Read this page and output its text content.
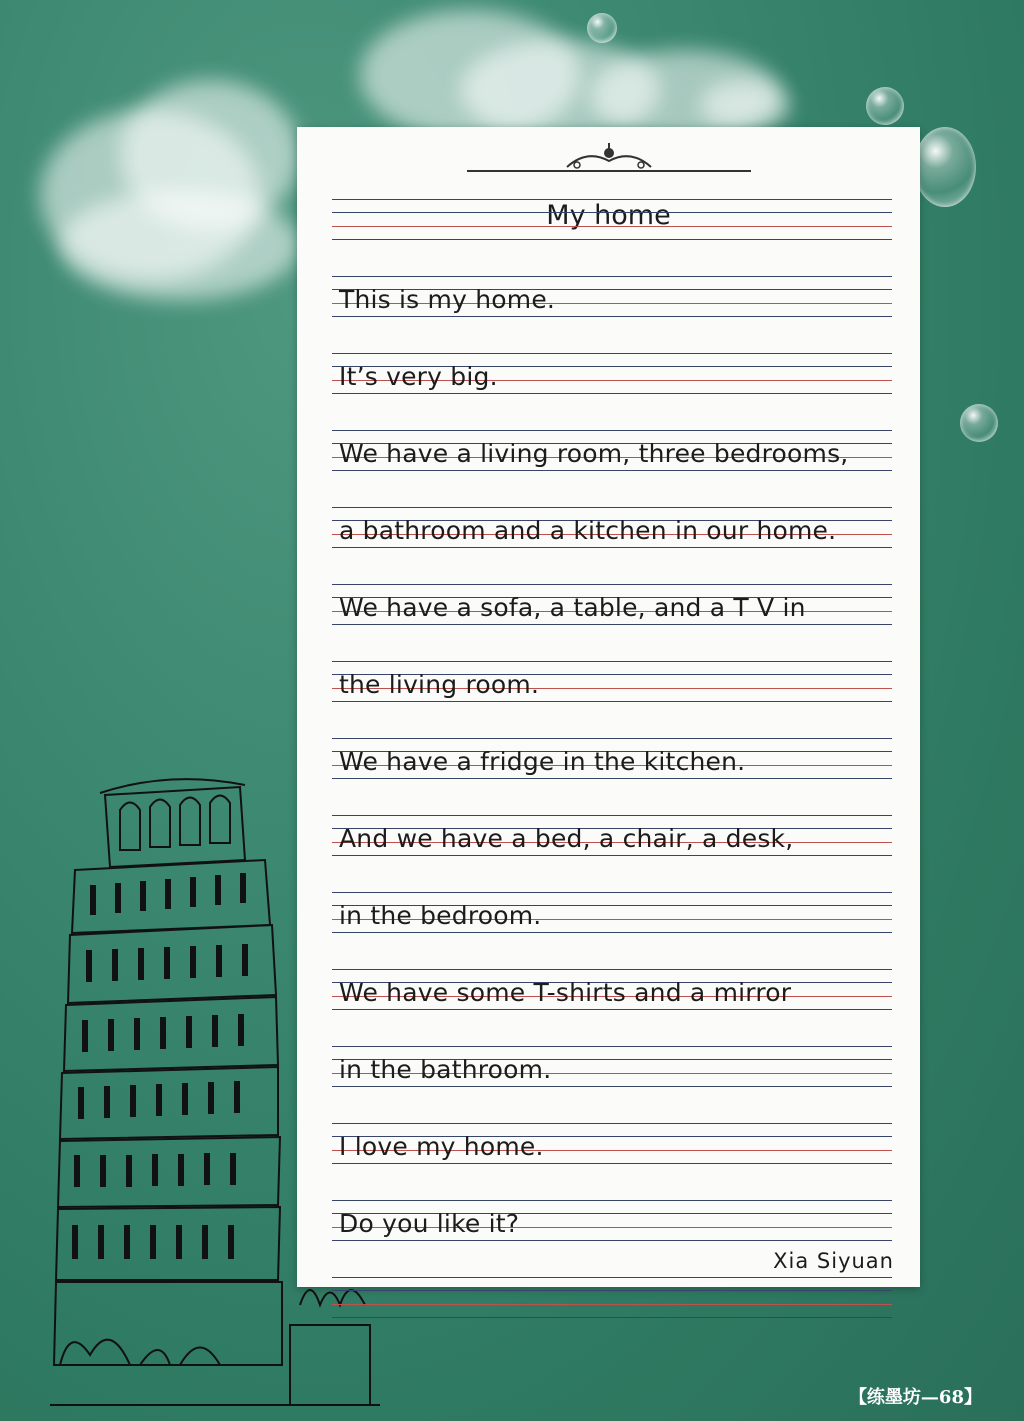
My home
This is my home.
It’s very big.
We have a living room, three bedrooms,
a bathroom and a kitchen in our home.
We have a sofa, a table, and a T V in
the living room.
We have a fridge in the kitchen.
And we have a bed, a chair, a desk,
in the bedroom.
We have some T-shirts and a mirror
in the bathroom.
I love my home.
Do you like it?
Xia Siyuan
【练墨坊—68】
